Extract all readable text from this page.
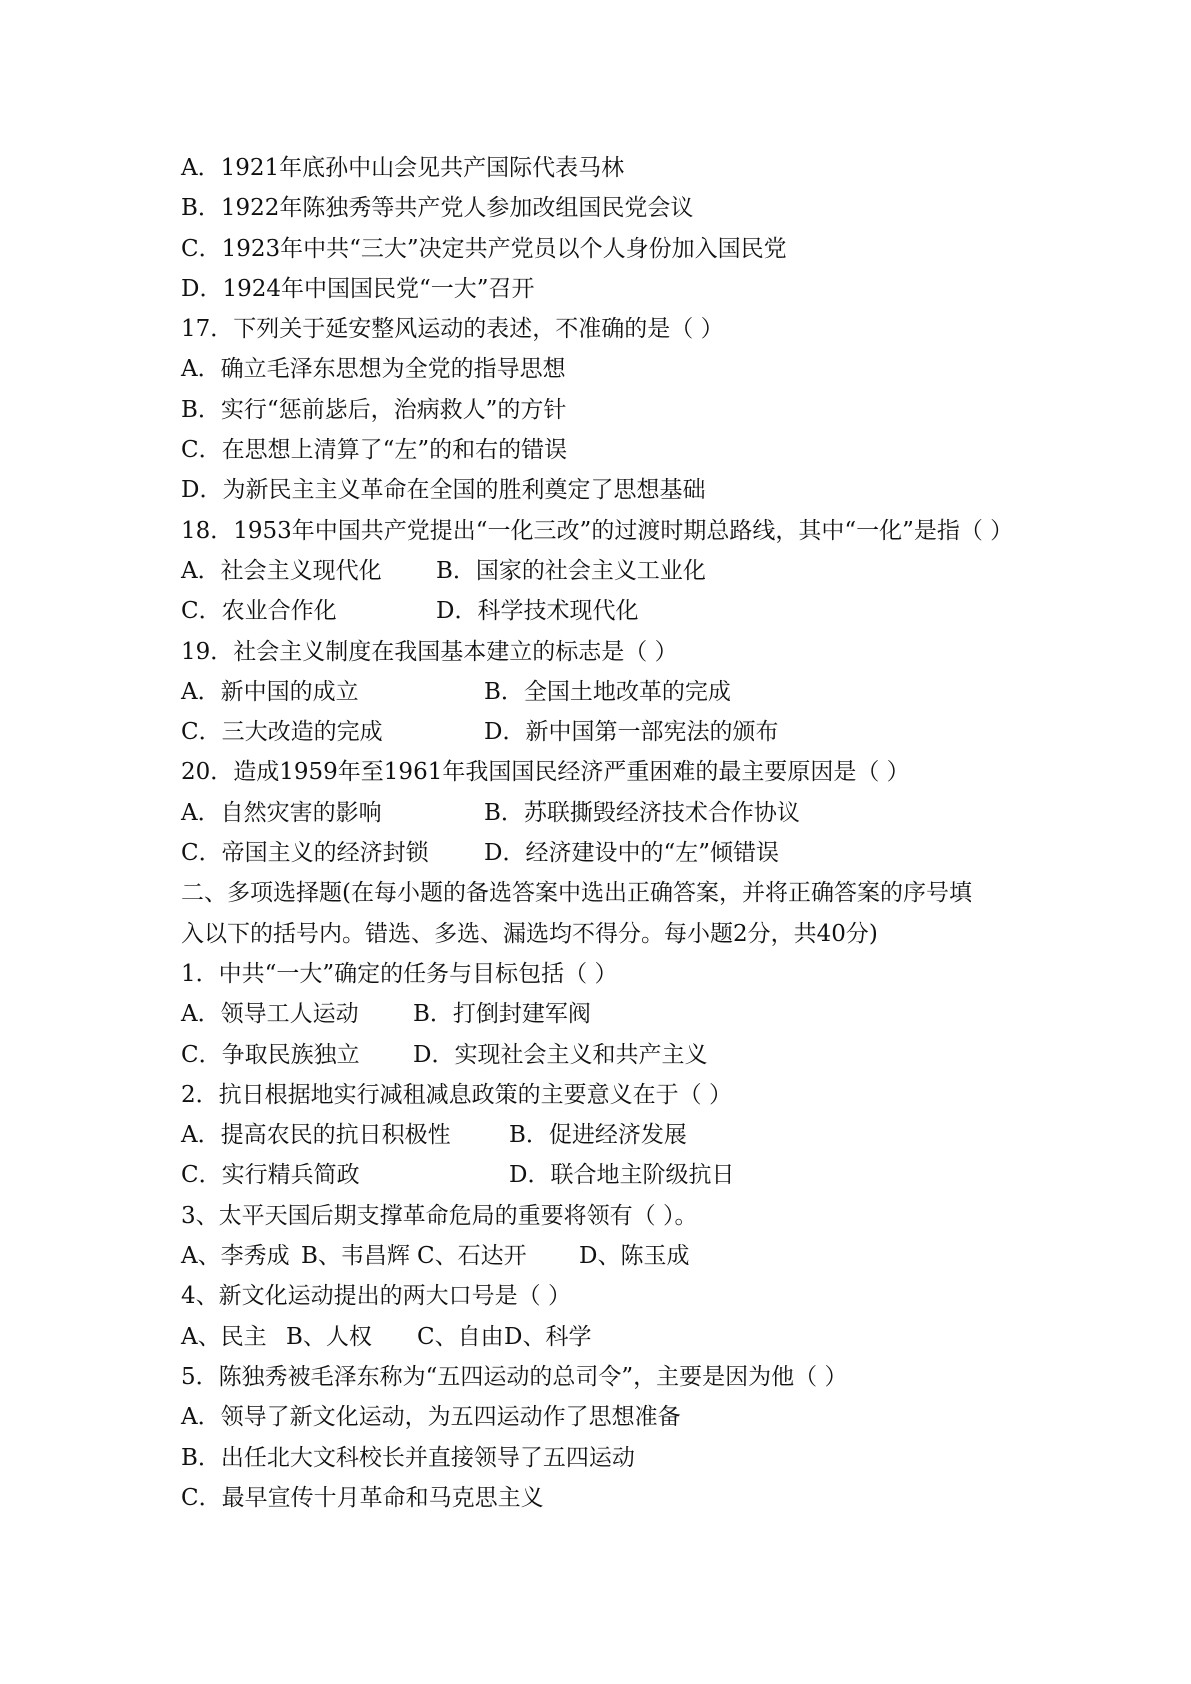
A．1921年底孙中山会见共产国际代表马林
B．1922年陈独秀等共产党人参加改组国民党会议
C．1923年中共“三大”决定共产党员以个人身份加入国民党
D．1924年中国国民党“一大”召开
17．下列关于延安整风运动的表述，不准确的是（ ）
A．确立毛泽东思想为全党的指导思想
B．实行“惩前毖后，治病救人”的方针
C．在思想上清算了“左”的和右的错误
D．为新民主主义革命在全国的胜利奠定了思想基础
18．1953年中国共产党提出“一化三改”的过渡时期总路线，其中“一化”是指（ ）
A．社会主义现代化 B．国家的社会主义工业化
C．农业合作化	D．科学技术现代化
19．社会主义制度在我国基本建立的标志是（ ）
A．新中国的成立	B．全国土地改革的完成
C．三大改造的完成	D．新中国第一部宪法的颁布
20．造成1959年至1961年我国国民经济严重困难的最主要原因是（ ）
A．自然灾害的影响	B．苏联撕毁经济技术合作协议
C．帝国主义的经济封锁 D．经济建设中的“左”倾错误
二、多项选择题(在每小题的备选答案中选出正确答案，并将正确答案的序号填
入以下的括号内。错选、多选、漏选均不得分。每小题2分，共40分)
1．中共“一大”确定的任务与目标包括（ ）
A．领导工人运动 B．打倒封建军阀
C．争取民族独立 D．实现社会主义和共产主义
2．抗日根据地实行减租减息政策的主要意义在于（ ）
A．提高农民的抗日积极性	B．促进经济发展
C．实行精兵简政	D．联合地主阶级抗日
3、太平天国后期支撑革命危局的重要将领有（ ）。
A、李秀成 B、韦昌辉 C、石达开 D、陈玉成
4、新文化运动提出的两大口号是（ ）
A、民主 B、人权 C、自由 D、科学
5．陈独秀被毛泽东称为“五四运动的总司令”，主要是因为他（ ）
A．领导了新文化运动，为五四运动作了思想准备
B．出任北大文科校长并直接领导了五四运动
C．最早宣传十月革命和马克思主义
